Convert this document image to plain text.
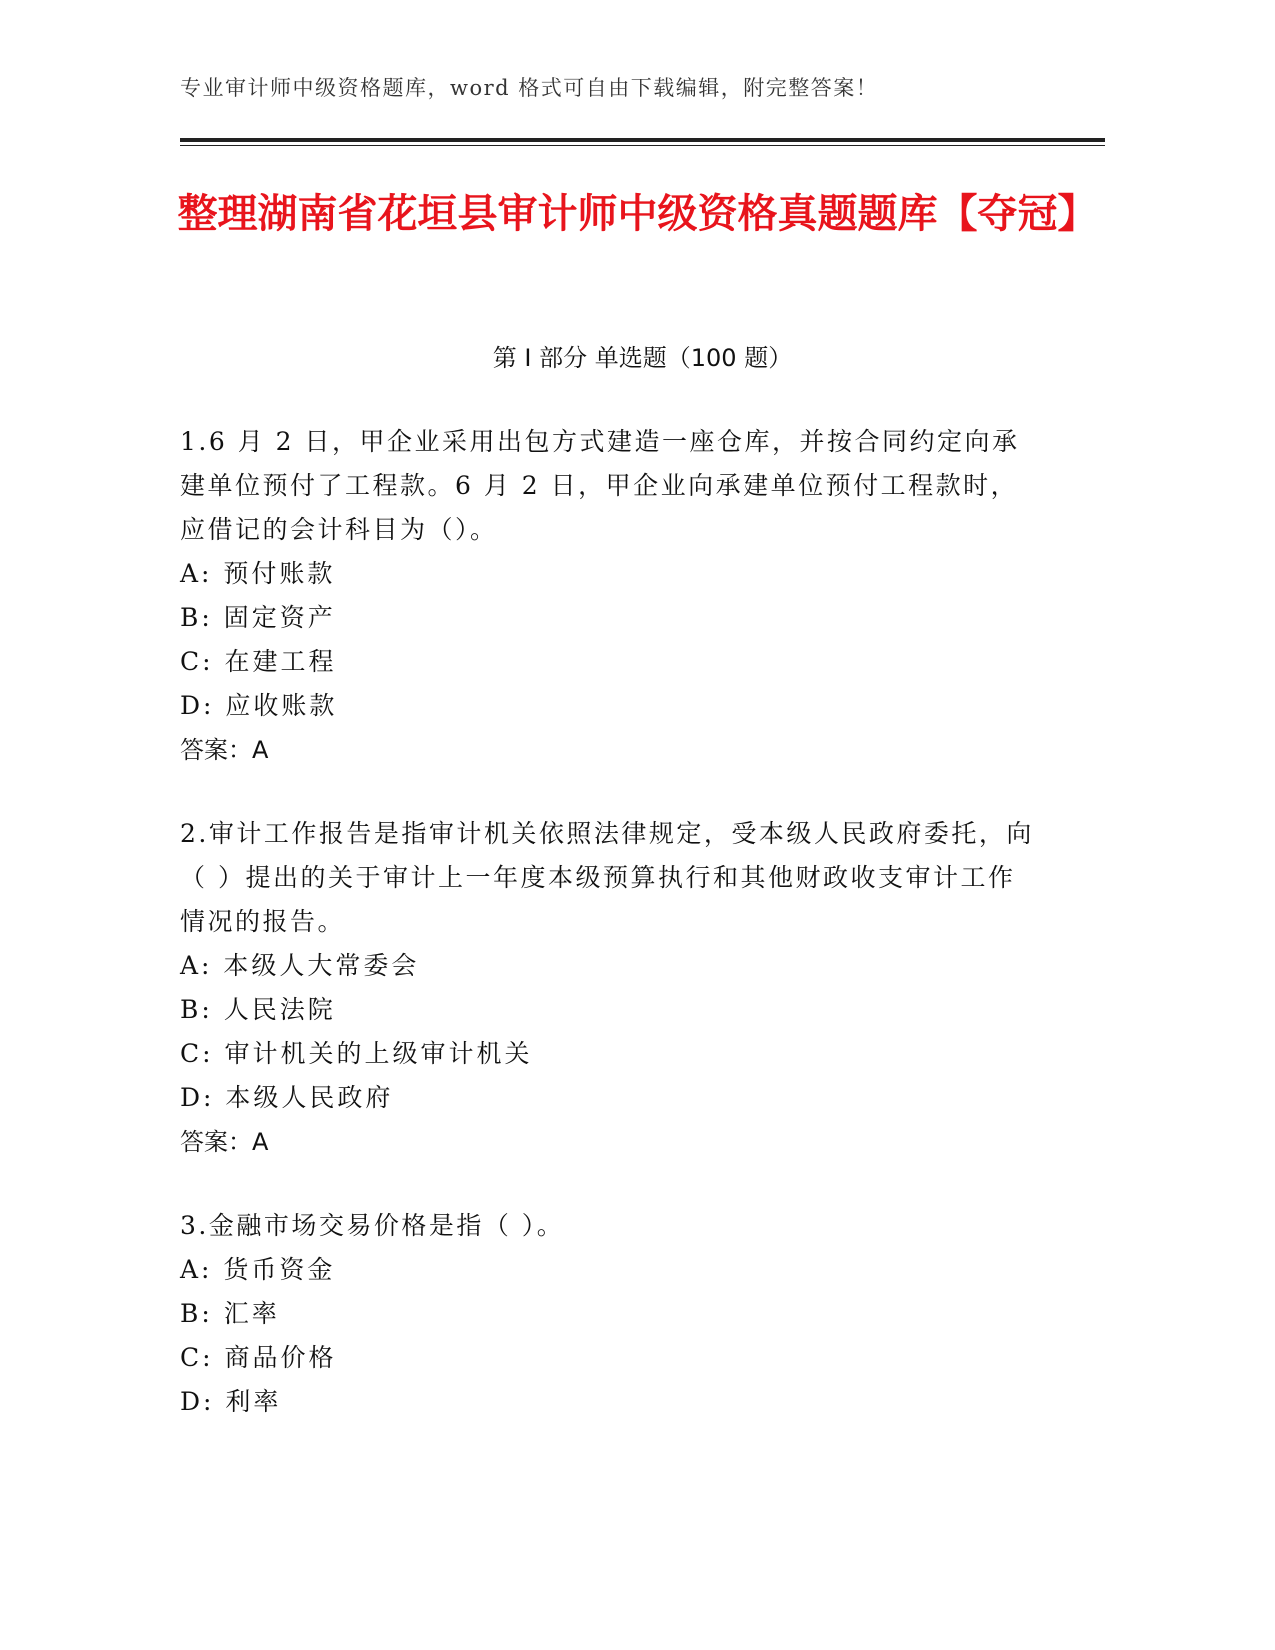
专业审计师中级资格题库，word 格式可自由下载编辑，附完整答案！
整理湖南省花垣县审计师中级资格真题题库【夺冠】
第 I 部分 单选题（100 题）

1.6 月 2 日，甲企业采用出包方式建造一座仓库，并按合同约定向承建单位预付了工程款。6 月 2 日，甲企业向承建单位预付工程款时，应借记的会计科目为（）。

A: 预付账款

B: 固定资产

C: 在建工程

D: 应收账款

答案：A

2.审计工作报告是指审计机关依照法律规定，受本级人民政府委托，向（ ）提出的关于审计上一年度本级预算执行和其他财政收支审计工作情况的报告。

A: 本级人大常委会

B: 人民法院

C: 审计机关的上级审计机关

D: 本级人民政府

答案：A

3.金融市场交易价格是指（ ）。

A: 货币资金

B: 汇率

C: 商品价格

D: 利率
